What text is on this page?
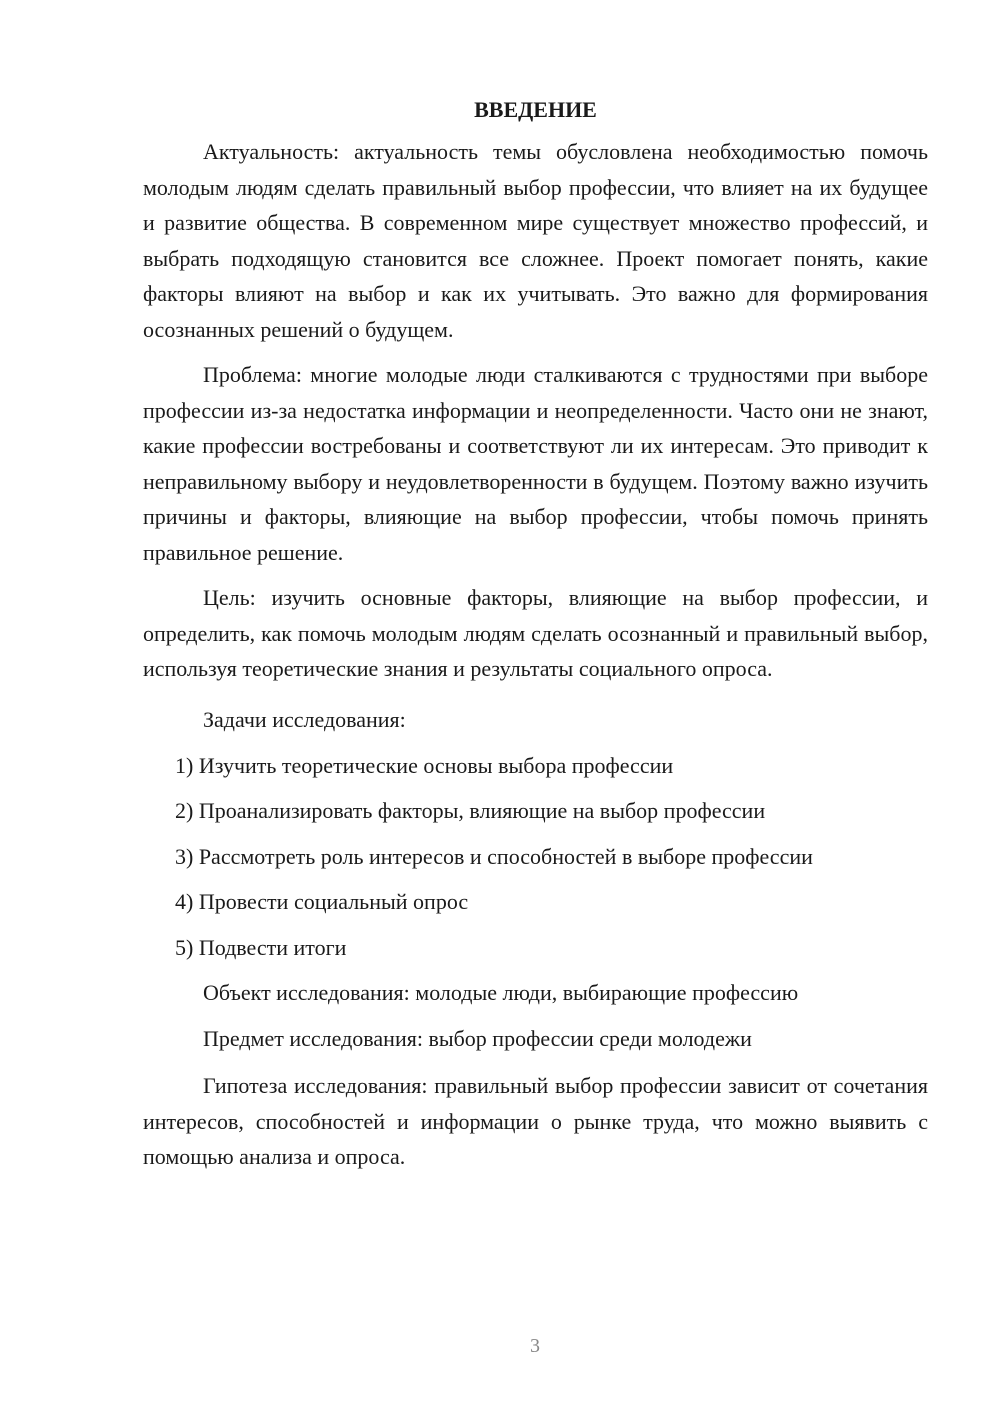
ВВЕДЕНИЕ

Актуальность: актуальность темы обусловлена необходимостью помочь молодым людям сделать правильный выбор профессии, что влияет на их будущее и развитие общества. В современном мире существует множество профессий, и выбрать подходящую становится все сложнее. Проект помогает понять, какие факторы влияют на выбор и как их учитывать. Это важно для формирования осознанных решений о будущем.

Проблема: многие молодые люди сталкиваются с трудностями при выборе профессии из-за недостатка информации и неопределенности. Часто они не знают, какие профессии востребованы и соответствуют ли их интересам. Это приводит к неправильному выбору и неудовлетворенности в будущем. Поэтому важно изучить причины и факторы, влияющие на выбор профессии, чтобы помочь принять правильное решение.

Цель: изучить основные факторы, влияющие на выбор профессии, и определить, как помочь молодым людям сделать осознанный и правильный выбор, используя теоретические знания и результаты социального опроса.

Задачи исследования:

1) Изучить теоретические основы выбора профессии
2) Проанализировать факторы, влияющие на выбор профессии
3) Рассмотреть роль интересов и способностей в выборе профессии
4) Провести социальный опрос
5) Подвести итоги

Объект исследования: молодые люди, выбирающие профессию

Предмет исследования: выбор профессии среди молодежи

Гипотеза исследования: правильный выбор профессии зависит от сочетания интересов, способностей и информации о рынке труда, что можно выявить с помощью анализа и опроса.

3
